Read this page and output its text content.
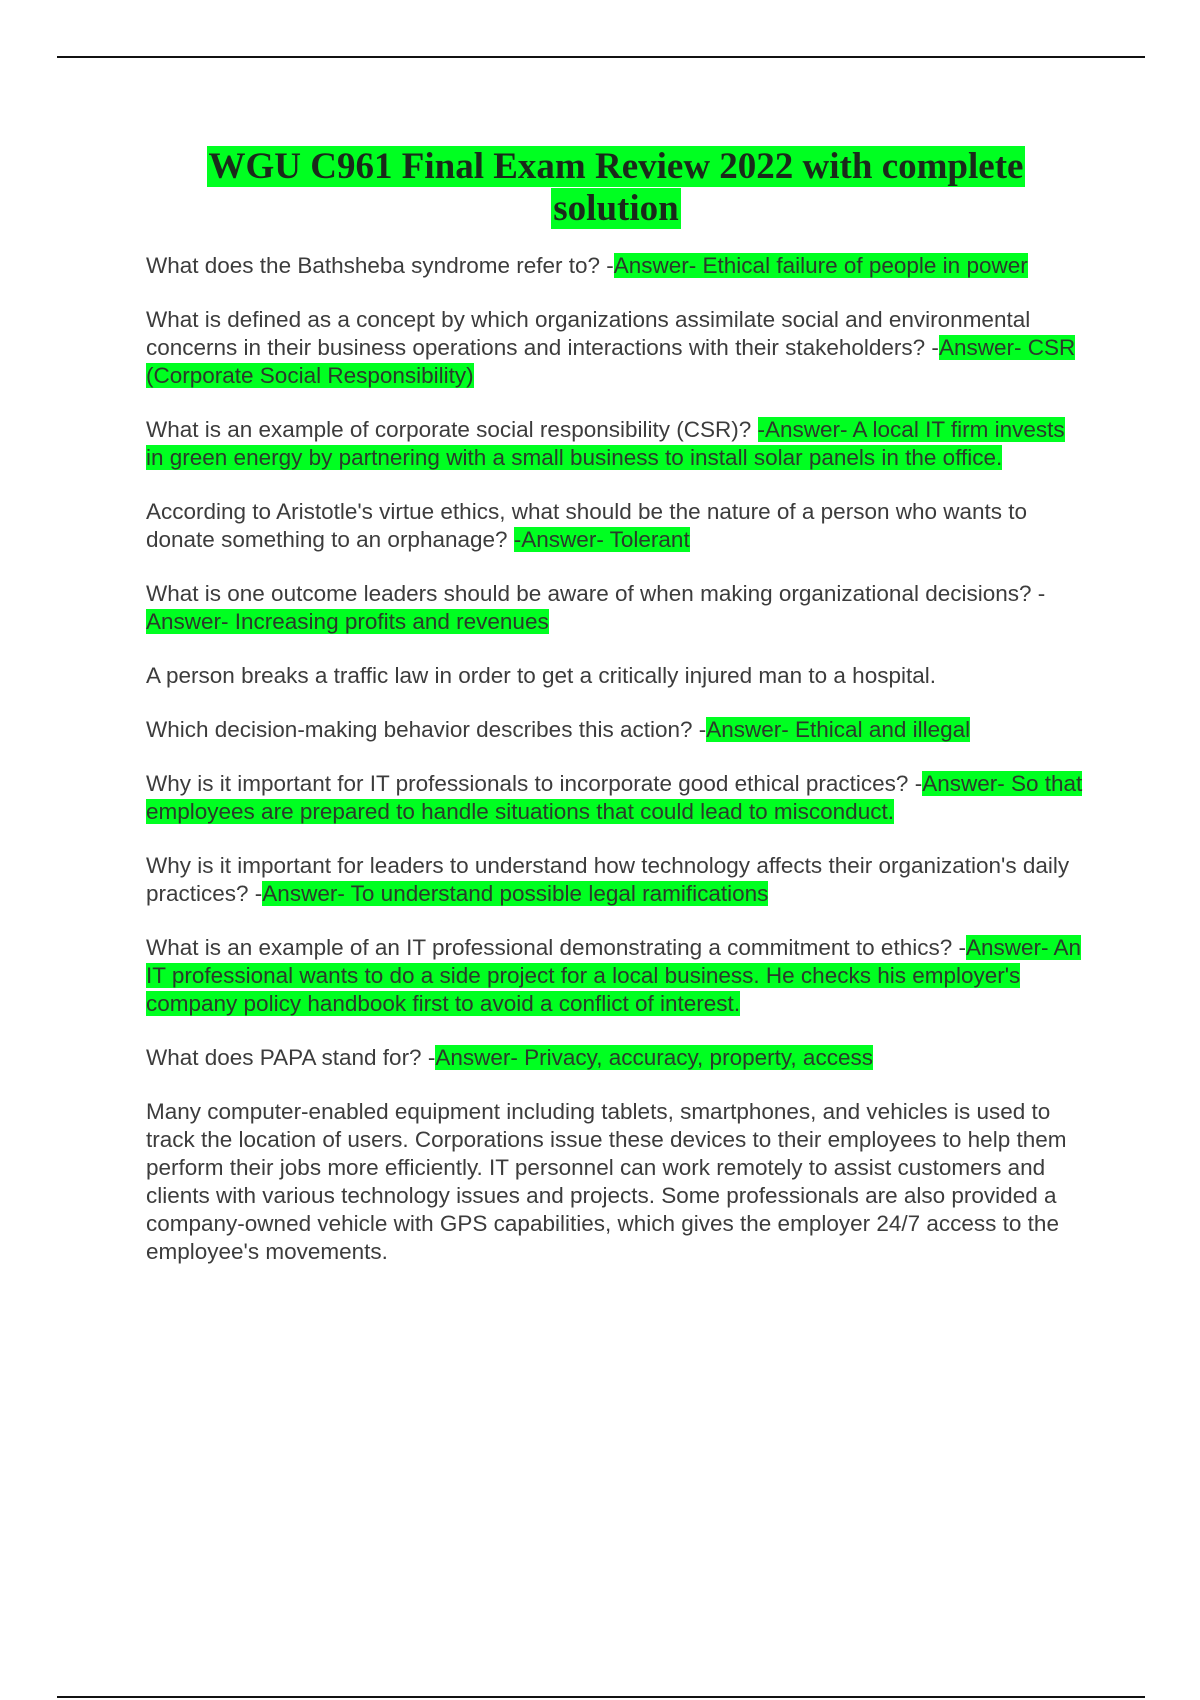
WGU C961 Final Exam Review 2022 with complete solution

What does the Bathsheba syndrome refer to? -Answer- Ethical failure of people in power

What is defined as a concept by which organizations assimilate social and environmental concerns in their business operations and interactions with their stakeholders? -Answer- CSR (Corporate Social Responsibility)

What is an example of corporate social responsibility (CSR)? -Answer- A local IT firm invests in green energy by partnering with a small business to install solar panels in the office.

According to Aristotle's virtue ethics, what should be the nature of a person who wants to donate something to an orphanage? -Answer- Tolerant

What is one outcome leaders should be aware of when making organizational decisions? -Answer- Increasing profits and revenues

A person breaks a traffic law in order to get a critically injured man to a hospital.

Which decision-making behavior describes this action? -Answer- Ethical and illegal

Why is it important for IT professionals to incorporate good ethical practices? -Answer- So that employees are prepared to handle situations that could lead to misconduct.

Why is it important for leaders to understand how technology affects their organization's daily practices? -Answer- To understand possible legal ramifications

What is an example of an IT professional demonstrating a commitment to ethics? -Answer- An IT professional wants to do a side project for a local business. He checks his employer's company policy handbook first to avoid a conflict of interest.

What does PAPA stand for? -Answer- Privacy, accuracy, property, access

Many computer-enabled equipment including tablets, smartphones, and vehicles is used to track the location of users. Corporations issue these devices to their employees to help them perform their jobs more efficiently. IT personnel can work remotely to assist customers and clients with various technology issues and projects. Some professionals are also provided a company-owned vehicle with GPS capabilities, which gives the employer 24/7 access to the employee's movements.
